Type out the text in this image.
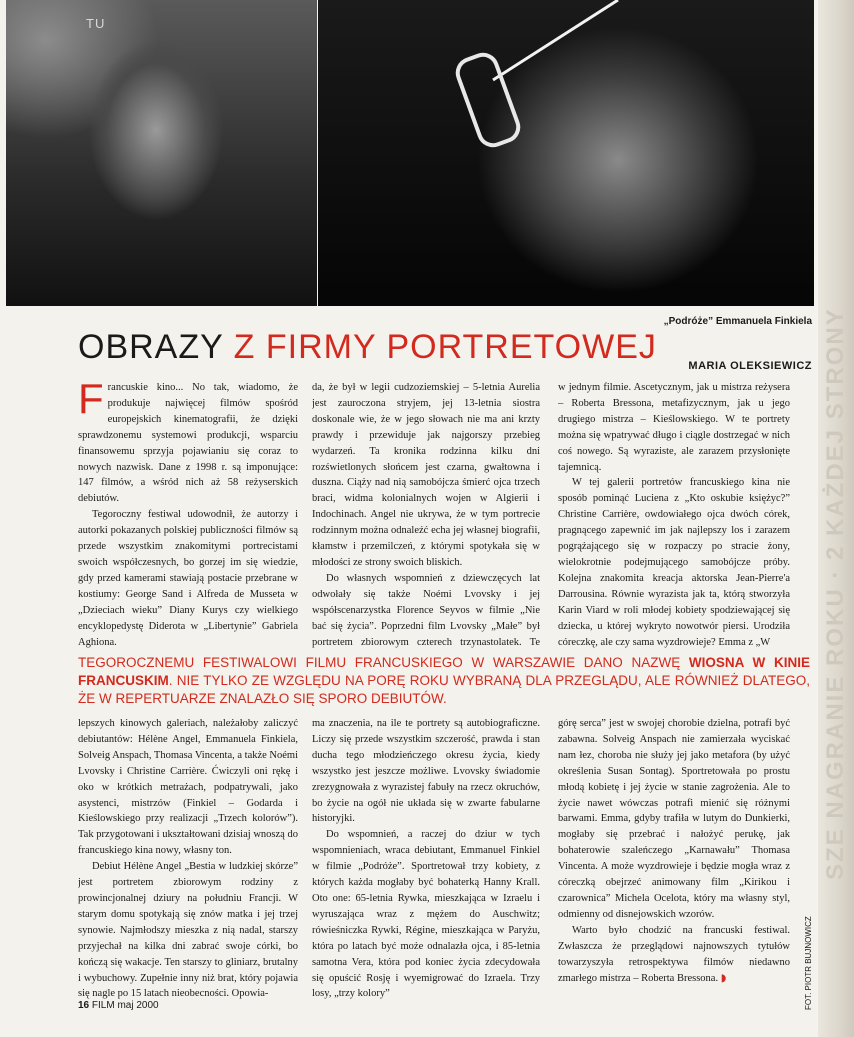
SZE NAGRANIE ROKU · 2 KAŻDEJ STRONY
TU
„Podróże” Emmanuela Finkiela
OBRAZY Z FIRMY PORTRETOWEJ	MARIA OLEKSIEWICZ

Francuskie kino... No tak, wiadomo, że produkuje najwięcej filmów spośród europejskich kinematografii, że dzięki sprawdzonemu systemowi produkcji, wsparciu finansowemu sprzyja pojawianiu się coraz to nowych nazwisk. Dane z 1998 r. są imponujące: 147 filmów, a wśród nich aż 58 reżyserskich debiutów.

Tegoroczny festiwal udowodnił, że autorzy i autorki pokazanych polskiej publiczności filmów są przede wszystkim znakomitymi portrecistami swoich współczesnych, bo gorzej im się wiedzie, gdy przed kamerami stawiają postacie przebrane w kostiumy: George Sand i Alfreda de Musseta w „Dzieciach wieku” Diany Kurys czy wielkiego encyklopedystę Diderota w „Libertynie” Gabriela Aghiona.

da, że był w legii cudzoziemskiej – 5-letnia Aurelia jest zauroczona stryjem, jej 13-letnia siostra doskonale wie, że w jego słowach nie ma ani krzty prawdy i przewiduje jak najgorszy przebieg wydarzeń. Ta kronika rodzinna kilku dni rozświetlonych słońcem jest czarna, gwałtowna i duszna. Ciąży nad nią samobójcza śmierć ojca trzech braci, widma kolonialnych wojen w Algierii i Indochinach. Angel nie ukrywa, że w tym portrecie rodzinnym można odnaleźć echa jej własnej biografii, kłamstw i przemilczeń, z którymi spotykała się w młodości ze strony swoich bliskich.

Do własnych wspomnień z dziewczęcych lat odwołały się także Noémi Lvovsky i jej współscenarzystka Florence Seyvos w filmie „Nie bać się życia”. Poprzedni film Lvovsky „Małe” był portretem zbiorowym czterech trzynastolatek. Te

w jednym filmie. Ascetycznym, jak u mistrza reżysera – Roberta Bressona, metafizycznym, jak u jego drugiego mistrza – Kieślowskiego. W te portrety można się wpatrywać długo i ciągle dostrzegać w nich coś nowego. Są wyraziste, ale zarazem przysłonięte tajemnicą.

W tej galerii portretów francuskiego kina nie sposób pominąć Luciena z „Kto oskubie księżyc?” Christine Carrière, owdowiałego ojca dwóch córek, pragnącego zapewnić im jak najlepszy los i zarazem pogrążającego się w rozpaczy po stracie żony, wielokrotnie podejmującego samobójcze próby. Kolejna znakomita kreacja aktorska Jean-Pierre'a Darrousina. Równie wyrazista jak ta, którą stworzyła Karin Viard w roli młodej kobiety spodziewającej się dziecka, u której wykryto nowotwór piersi. Urodziła córeczkę, ale czy sama wyzdrowieje? Emma z „W

TEGOROCZNEMU FESTIWALOWI FILMU FRANCUSKIEGO W WARSZAWIE DANO NAZWĘ WIOSNA W KINIE FRANCUSKIM. NIE TYLKO ZE WZGLĘDU NA PORĘ ROKU WYBRANĄ DLA PRZEGLĄDU, ALE RÓWNIEŻ DLATEGO, ŻE W REPERTUARZE ZNALAZŁO SIĘ SPORO DEBIUTÓW.

lepszych kinowych galeriach, należałoby zaliczyć debiutantów: Hélène Angel, Emmanuela Finkiela, Solveig Anspach, Thomasa Vincenta, a także Noémi Lvovsky i Christine Carrière. Ćwiczyli oni rękę i oko w krótkich metrażach, podpatrywali, jako asystenci, mistrzów (Finkiel – Godarda i Kieślowskiego przy realizacji „Trzech kolorów”). Tak przygotowani i ukształtowani dzisiaj wnoszą do francuskiego kina nowy, własny ton.

Debiut Hélène Angel „Bestia w ludzkiej skórze” jest portretem zbiorowym rodziny z prowincjonalnej dziury na południu Francji. W starym domu spotykają się znów matka i jej trzej synowie. Najmłodszy mieszka z nią nadal, starszy przyjechał na kilka dni zabrać swoje córki, bo kończą się wakacje. Ten starszy to gliniarz, brutalny i wybuchowy. Zupełnie inny niż brat, który pojawia się nagle po 15 latach nieobecności. Opowia-

ma znaczenia, na ile te portrety są autobiograficzne. Liczy się przede wszystkim szczerość, prawda i stan ducha tego młodzieńczego okresu życia, kiedy wszystko jest jeszcze możliwe. Lvovsky świadomie zrezygnowała z wyrazistej fabuły na rzecz okruchów, bo życie na ogół nie układa się w zwarte fabularne historyjki.

Do wspomnień, a raczej do dziur w tych wspomnieniach, wraca debiutant, Emmanuel Finkiel w filmie „Podróże”. Sportretował trzy kobiety, z których każda mogłaby być bohaterką Hanny Krall. Oto one: 65-letnia Rywka, mieszkająca w Izraelu i wyruszająca wraz z mężem do Auschwitz; rówieśniczka Rywki, Régine, mieszkająca w Paryżu, która po latach być może odnalazła ojca, i 85-letnia samotna Vera, która pod koniec życia zdecydowała się opuścić Rosję i wyemigrować do Izraela. Trzy losy, „trzy kolory”

górę serca” jest w swojej chorobie dzielna, potrafi być zabawna. Solveig Anspach nie zamierzała wyciskać nam łez, choroba nie służy jej jako metafora (by użyć określenia Susan Sontag). Sportretowała po prostu młodą kobietę i jej życie w stanie zagrożenia. Ale to życie nawet wówczas potrafi mienić się różnymi barwami. Emma, gdyby trafiła w lutym do Dunkierki, mogłaby się przebrać i nałożyć perukę, jak bohaterowie szaleńczego „Karnawału” Thomasa Vincenta. A może wyzdrowieje i będzie mogła wraz z córeczką obejrzeć animowany film „Kirikou i czarownica” Michela Ocelota, który ma własny styl, odmienny od disnejowskich wzorów.

Warto było chodzić na francuski festiwal. Zwłaszcza że przeglądowi najnowszych tytułów towarzyszyła retrospektywa filmów niedawno zmarłego mistrza – Roberta Bressona. ◗

16 FILM maj 2000	FOT. PIOTR BUJNOWICZ
